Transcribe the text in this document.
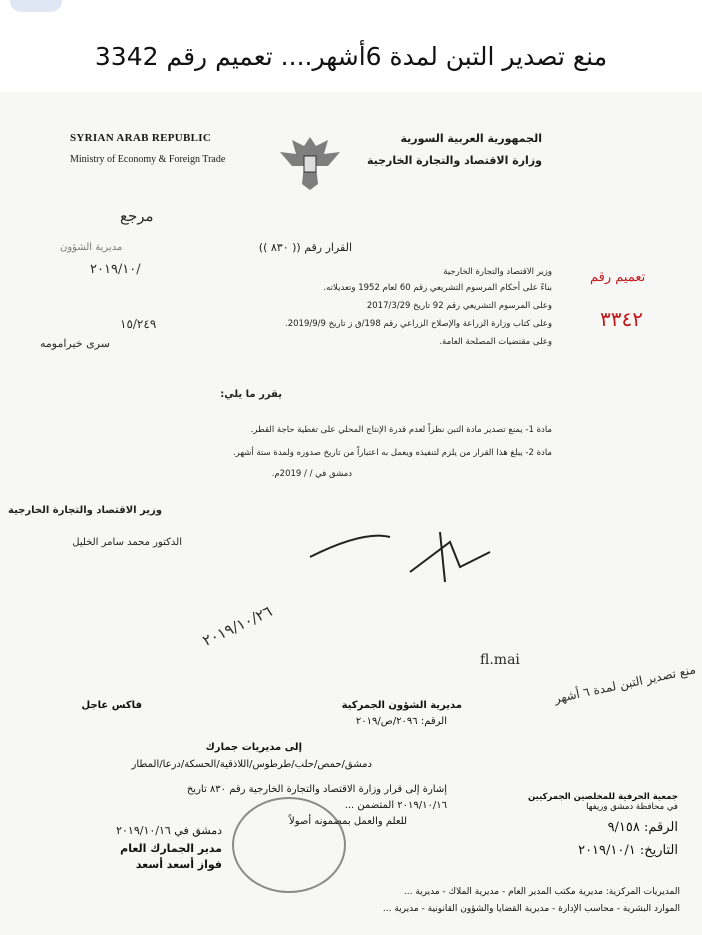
منع تصدير التبن لمدة 6أشهر.... تعميم رقم 3342
SYRIAN ARAB REPUBLIC
Ministry of Economy & Foreign Trade
الجمهورية العربية السورية
وزارة الاقتصاد والتجارة الخارجية
مرجع
مديرية الشؤون
٢٠١٩/١٠/
القرار رقم (( ٨٣٠ ))
وزير الاقتصاد والتجارة الخارجية
بناءً على أحكام المرسوم التشريعي رقم 60 لعام 1952 وتعديلاته.
وعلى المرسوم التشريعي رقم 92 تاريخ 2017/3/29
وعلى كتاب وزارة الزراعة والإصلاح الزراعي رقم 198/ق ز تاريخ 2019/9/9.
وعلى مقتضيات المصلحة العامة.
تعميم رقم
٣٣٤٢
١٥/٢٤٩
سری خیرامومه
يقرر ما يلي:
مادة 1- يمنع تصدير مادة التبن نظراً لعدم قدرة الإنتاج المحلي على تغطية حاجة القطر.
مادة 2- يبلغ هذا القرار من يلزم لتنفيذه ويعمل به اعتباراً من تاريخ صدوره ولمدة ستة أشهر.
دمشق في / / 2019م.
وزير الاقتصاد والتجارة الخارجية
الدكتور محمد سامر الخليل
٢٠١٩/١٠/٢٦
fl.mai
منع تصدير التبن لمدة ٦ أشهر
فاكس عاجل	مديرية الشؤون الجمركية
الرقم: ٢٠٩٦/ص/٢٠١٩
إلى مديريات جمارك
دمشق/حمص/حلب/طرطوس/اللاذقية/الحسكة/درعا/المطار
إشارة إلى قرار وزارة الاقتصاد والتجارة الخارجية رقم ٨٣٠ تاريخ
٢٠١٩/١٠/١٦ المتضمن ...
للعلم والعمل بمضمونه أصولاً
جمعية الحرفية للمخلصين الجمركيين
في محافظة دمشق وريفها
الرقم: ٩/١٥٨
التاريخ: ٢٠١٩/١٠/١
دمشق في ٢٠١٩/١٠/١٦
مدير الجمارك العام
فواز أسعد أسعد
المديريات المركزية: مديرية مكتب المدير العام - مديرية الملاك - مديرية ...
الموارد البشرية - محاسب الإدارة - مديرية القضايا والشؤون القانونية - مديرية ...
